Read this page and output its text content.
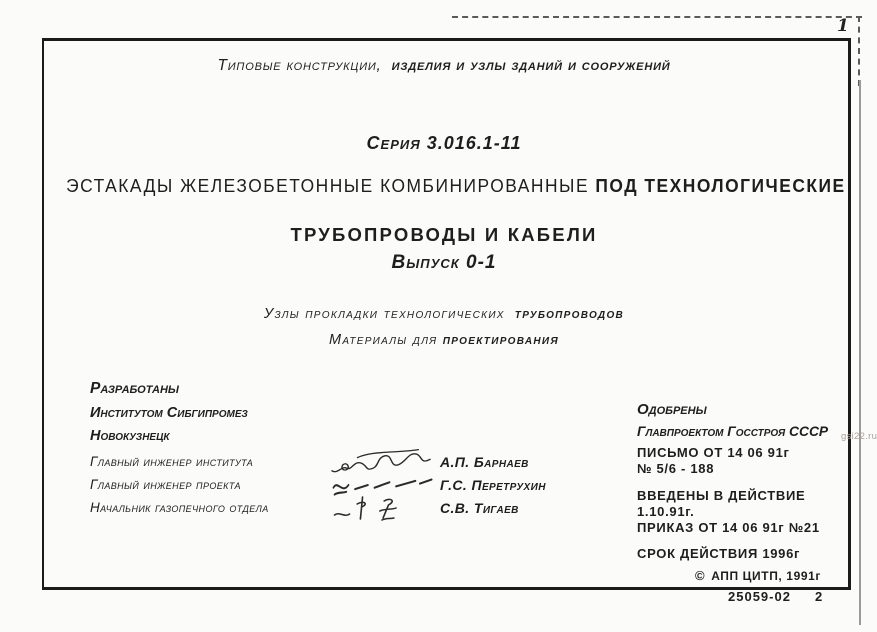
1
gsi22.ru
Типовые конструкции, изделия и узлы зданий и сооружений
Серия 3.016.1-11
ЭСТАКАДЫ ЖЕЛЕЗОБЕТОННЫЕ КОМБИНИРОВАННЫЕ ПОД ТЕХНОЛОГИЧЕСКИЕ
ТРУБОПРОВОДЫ И КАБЕЛИ
Выпуск 0-1
Узлы прокладки технологических трубопроводов
Материалы для проектирования
Разработаны
Институтом Сибгипромез
Новокузнецк
Главный инженер института	А.П. Барнаев
Главный инженер проекта	Г.С. Перетрухин
Начальник газопечного отдела	С.В. Тигаев
Одобрены
Главпроектом Госстроя СССР
ПИСЬМО ОТ 14 06 91г
№ 5/6 - 188
ВВЕДЕНЫ В ДЕЙСТВИЕ
1.10.91г.
ПРИКАЗ ОТ 14 06 91г №21
СРОК ДЕЙСТВИЯ 1996г
© АПП ЦИТП, 1991г
25059-02 2
